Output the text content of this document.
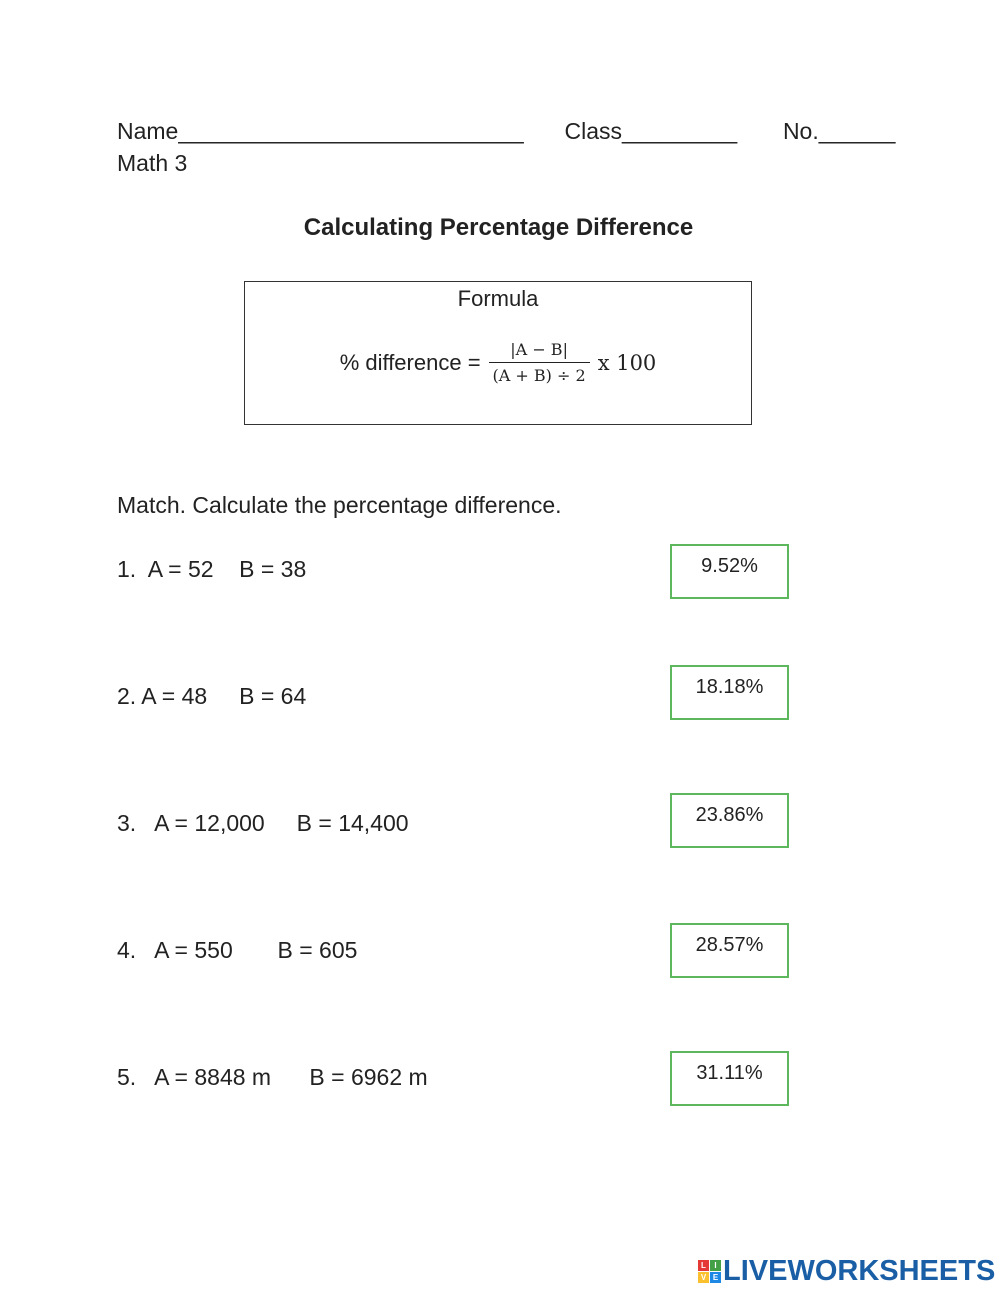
Name___________________________ Class_________ No.______
Math 3
Calculating Percentage Difference
Formula
% difference = $\frac{|A - B|}{(A + B) \div 2}$ x 100
Match. Calculate the percentage difference.
1.  A = 52    B = 38
2. A = 48     B = 64
3.   A = 12,000     B = 14,400
4.   A = 550       B = 605
5.   A = 8848 m      B = 6962 m
9.52%
18.18%
23.86%
28.57%
31.11%
L	I
V E LIVEWORKSHEETS
